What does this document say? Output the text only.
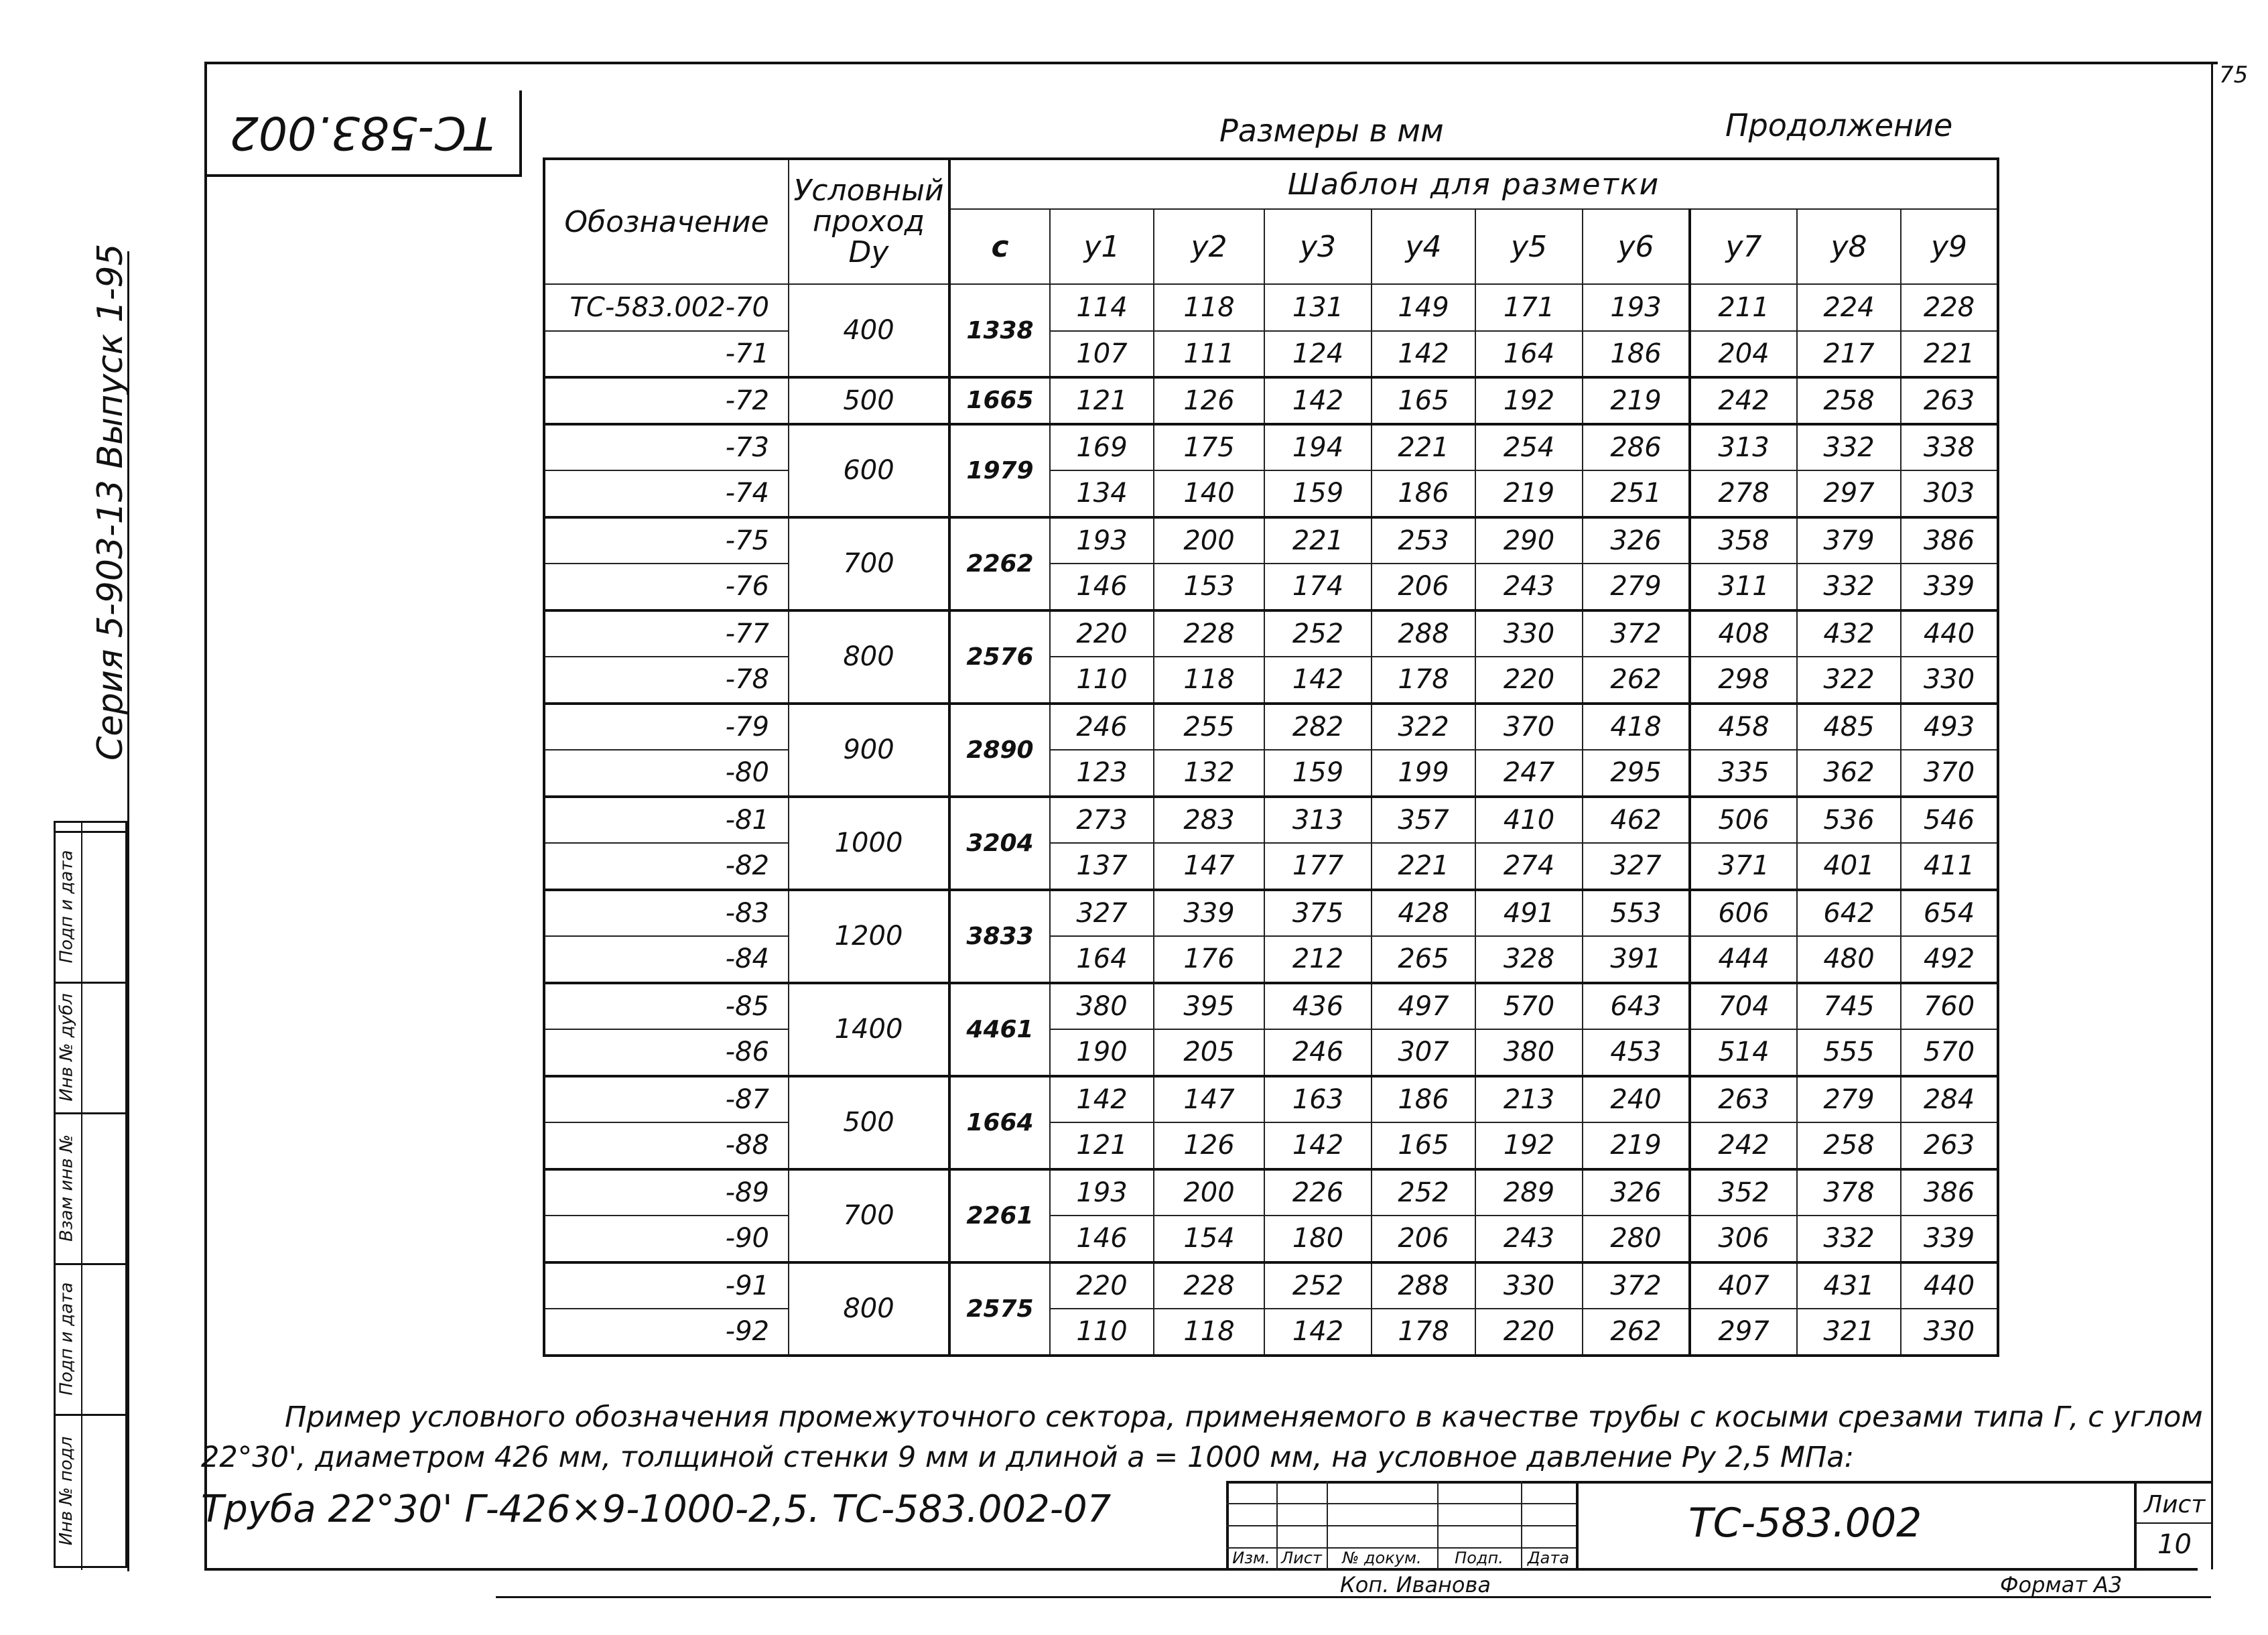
75
ТС-583.002
Серия 5-903-13 Выпуск 1-95
Инв № подл
Подп и дата
Взам инв №
Инв № дубл
Подп и дата
Размеры в мм	Продолжение
Обозначение	Условный проход Dy	Шаблон для разметки									
		c	y1	y2	y3	y4	y5	y6	y7	y8	y9
ТС-583.002-70	400	1338	114	118	131	149	171	193	211	224	228
-71			107	111	124	142	164	186	204	217	221
-72	500	1665	121	126	142	165	192	219	242	258	263
-73	600	1979	169	175	194	221	254	286	313	332	338
-74			134	140	159	186	219	251	278	297	303
-75	700	2262	193	200	221	253	290	326	358	379	386
-76			146	153	174	206	243	279	311	332	339
-77	800	2576	220	228	252	288	330	372	408	432	440
-78			110	118	142	178	220	262	298	322	330
-79	900	2890	246	255	282	322	370	418	458	485	493
-80			123	132	159	199	247	295	335	362	370
-81	1000	3204	273	283	313	357	410	462	506	536	546
-82			137	147	177	221	274	327	371	401	411
-83	1200	3833	327	339	375	428	491	553	606	642	654
-84			164	176	212	265	328	391	444	480	492
-85	1400	4461	380	395	436	497	570	643	704	745	760
-86			190	205	246	307	380	453	514	555	570
-87	500	1664	142	147	163	186	213	240	263	279	284
-88			121	126	142	165	192	219	242	258	263
-89	700	2261	193	200	226	252	289	326	352	378	386
-90			146	154	180	206	243	280	306	332	339
-91	800	2575	220	228	252	288	330	372	407	431	440
-92			110	118	142	178	220	262	297	321	330
Пример условного обозначения промежуточного сектора, применяемого в качестве трубы с косыми срезами типа Г, с углом
22°30', диаметром 426 мм, толщиной стенки 9 мм и длиной a = 1000 мм, на условное давление Py 2,5 МПа:
Труба 22°30' Г-426×9-1000-2,5. ТС-583.002-07
Изм. Лист	№ докум.	Подп.	Дата
ТС-583.002	Лист
10
Коп. Иванова	Формат А3
